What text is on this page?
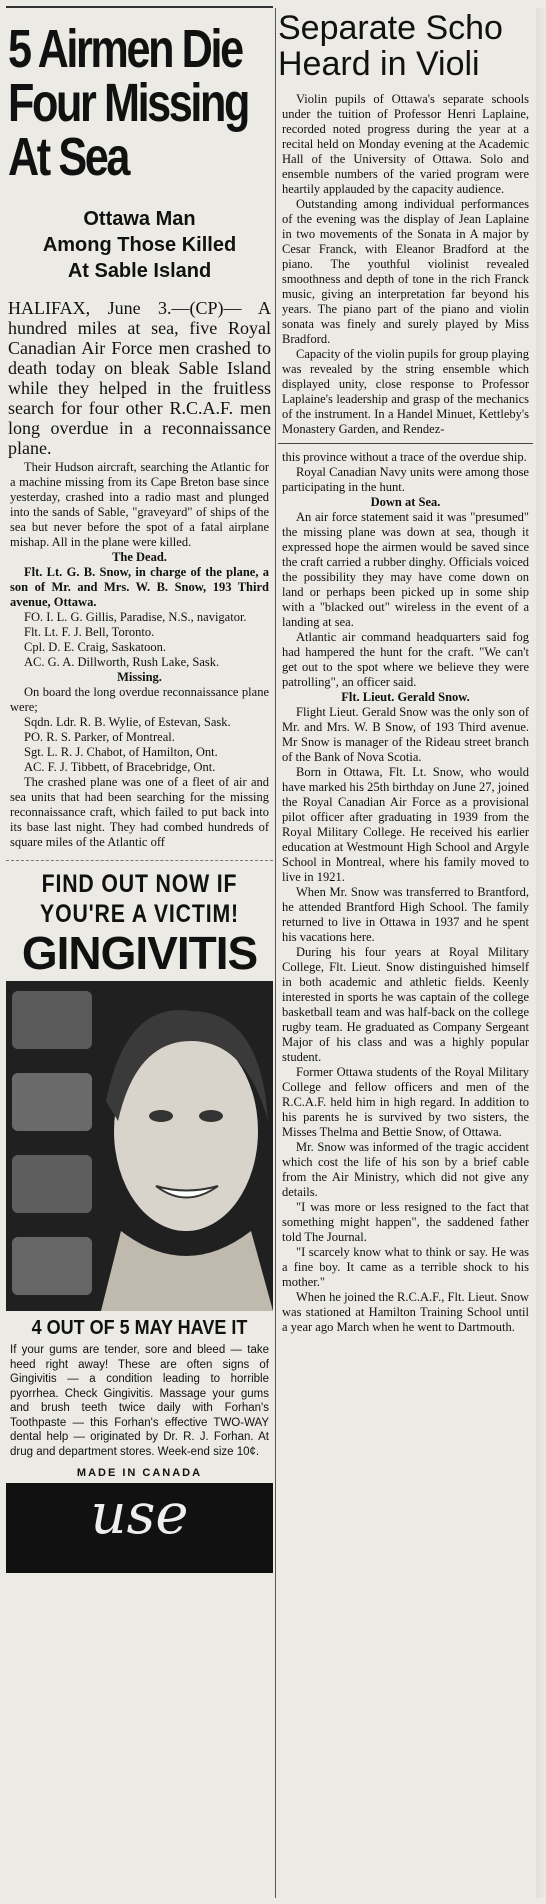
5 Airmen Die
Four Missing
At Sea
Ottawa Man
Among Those Killed
At Sable Island
HALIFAX, June 3.—(CP)— A hundred miles at sea, five Royal Canadian Air Force men crashed to death today on bleak Sable Island while they helped in the fruitless search for four other R.C.A.F. men long overdue in a reconnaissance plane.

Their Hudson aircraft, searching the Atlantic for a machine missing from its Cape Breton base since yesterday, crashed into a radio mast and plunged into the sands of Sable, "graveyard" of ships of the sea but never before the spot of a fatal airplane mishap. All in the plane were killed.

The Dead.

Flt. Lt. G. B. Snow, in charge of the plane, a son of Mr. and Mrs. W. B. Snow, 193 Third avenue, Ottawa.

FO. I. L. G. Gillis, Paradise, N.S., navigator.

Flt. Lt. F. J. Bell, Toronto.

Cpl. D. E. Craig, Saskatoon.

AC. G. A. Dillworth, Rush Lake, Sask.

Missing.

On board the long overdue reconnaissance plane were;

Sqdn. Ldr. R. B. Wylie, of Estevan, Sask.

PO. R. S. Parker, of Montreal.

Sgt. L. R. J. Chabot, of Hamilton, Ont.

AC. F. J. Tibbett, of Bracebridge, Ont.

The crashed plane was one of a fleet of air and sea units that had been searching for the missing reconnaissance craft, which failed to put back into its base last night. They had combed hundreds of square miles of the Atlantic off

FIND OUT NOW IF
YOU'RE A VICTIM!
GINGIVITIS
4 OUT OF 5 MAY HAVE IT
If your gums are tender, sore and bleed — take heed right away! These are often signs of Gingivitis — a condition leading to horrible pyorrhea. Check Gingivitis. Massage your gums and brush teeth twice daily with Forhan's Toothpaste — this Forhan's effective TWO-WAY dental help — originated by Dr. R. J. Forhan. At drug and department stores. Week-end size 10¢.
MADE IN CANADA
use
Separate Scho
Heard in Violi

Violin pupils of Ottawa's separate schools under the tuition of Professor Henri Laplaine, recorded noted progress during the year at a recital held on Monday evening at the Academic Hall of the University of Ottawa. Solo and ensemble numbers of the varied program were heartily applauded by the capacity audience.

Outstanding among individual performances of the evening was the display of Jean Laplaine in two movements of the Sonata in A major by Cesar Franck, with Eleanor Bradford at the piano. The youthful violinist revealed smoothness and depth of tone in the rich Franck music, giving an interpretation far beyond his years. The piano part of the piano and violin sonata was finely and surely played by Miss Bradford.

Capacity of the violin pupils for group playing was revealed by the string ensemble which displayed unity, close response to Professor Laplaine's leadership and grasp of the mechanics of the instrument. In a Handel Minuet, Kettleby's Monastery Garden, and Rendez-

this province without a trace of the overdue ship.

Royal Canadian Navy units were among those participating in the hunt.

Down at Sea.

An air force statement said it was "presumed" the missing plane was down at sea, though it expressed hope the airmen would be saved since the craft carried a rubber dinghy. Officials voiced the possibility they may have come down on land or perhaps been picked up in some ship with a "blacked out" wireless in the event of a landing at sea.

Atlantic air command headquarters said fog had hampered the hunt for the craft. "We can't get out to the spot where we believe they were patrolling", an officer said.

Flt. Lieut. Gerald Snow.

Flight Lieut. Gerald Snow was the only son of Mr. and Mrs. W. B Snow, of 193 Third avenue. Mr Snow is manager of the Rideau street branch of the Bank of Nova Scotia.

Born in Ottawa, Flt. Lt. Snow, who would have marked his 25th birthday on June 27, joined the Royal Canadian Air Force as a provisional pilot officer after graduating in 1939 from the Royal Military College. He received his earlier education at Westmount High School and Argyle School in Montreal, where his family moved to live in 1921.

When Mr. Snow was transferred to Brantford, he attended Brantford High School. The family returned to live in Ottawa in 1937 and he spent his vacations here.

During his four years at Royal Military College, Flt. Lieut. Snow distinguished himself in both academic and athletic fields. Keenly interested in sports he was captain of the college basketball team and was half-back on the college rugby team. He graduated as Company Sergeant Major of his class and was a highly popular student.

Former Ottawa students of the Royal Military College and fellow officers and men of the R.C.A.F. held him in high regard. In addition to his parents he is survived by two sisters, the Misses Thelma and Bettie Snow, of Ottawa.

Mr. Snow was informed of the tragic accident which cost the life of his son by a brief cable from the Air Ministry, which did not give any details.

"I was more or less resigned to the fact that something might happen", the saddened father told The Journal.

"I scarcely know what to think or say. He was a fine boy. It came as a terrible shock to his mother."

When he joined the R.C.A.F., Flt. Lieut. Snow was stationed at Hamilton Training School until a year ago March when he went to Dartmouth.
